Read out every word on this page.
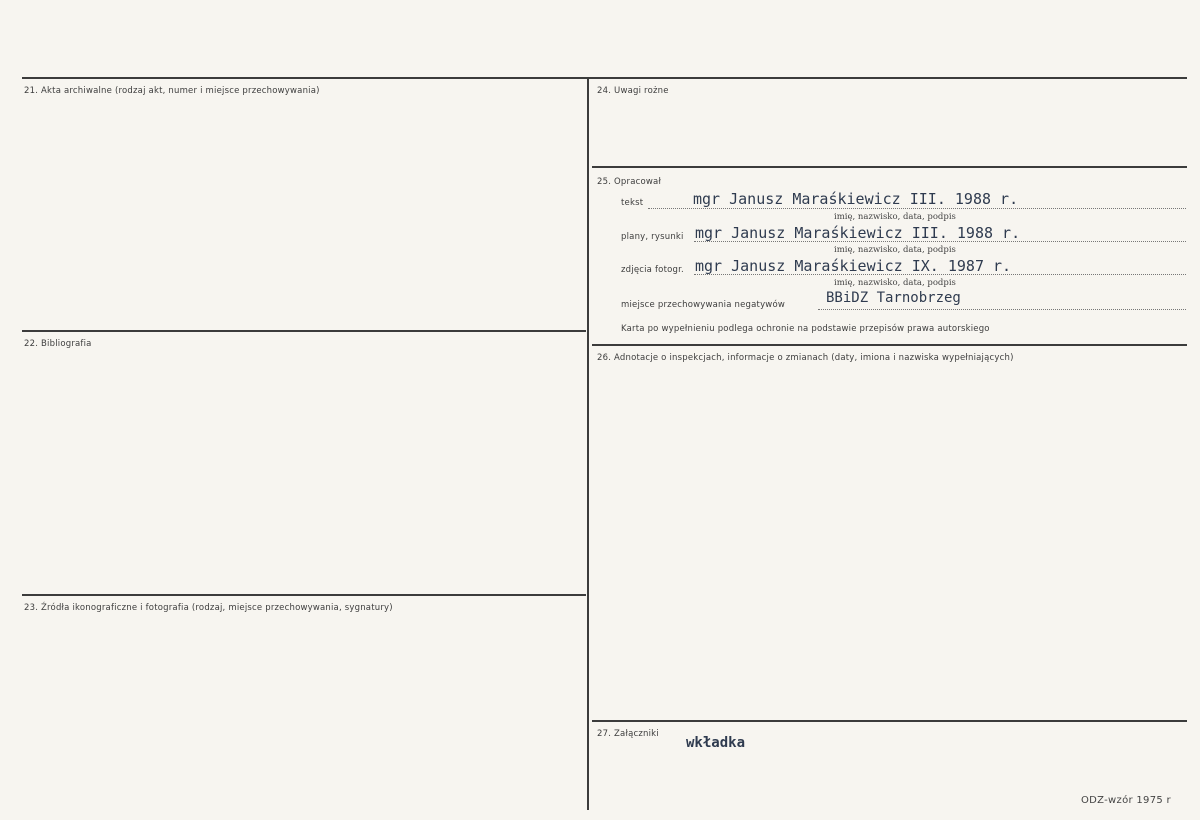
21. Akta archiwalne (rodzaj akt, numer i miejsce przechowywania)
22. Bibliografia
23. Źródła ikonograficzne i fotografia (rodzaj, miejsce przechowywania, sygnatury)
24. Uwagi rożne
25. Opracował
tekst	mgr Janusz Maraśkiewicz III. 1988 r.
imię, nazwisko, data, podpis
plany, rysunki mgr Janusz Maraśkiewicz III. 1988 r.
imię, nazwisko, data, podpis
zdjęcia fotogr. mgr Janusz Maraśkiewicz IX. 1987 r.
imię, nazwisko, data, podpis
miejsce przechowywania negatywów	BBiDZ Tarnobrzeg
Karta po wypełnieniu podlega ochronie na podstawie przepisów prawa autorskiego
26. Adnotacje o inspekcjach, informacje o zmianach (daty, imiona i nazwiska wypełniających)
27. Załączniki
wkładka
ODZ-wzór 1975 r
